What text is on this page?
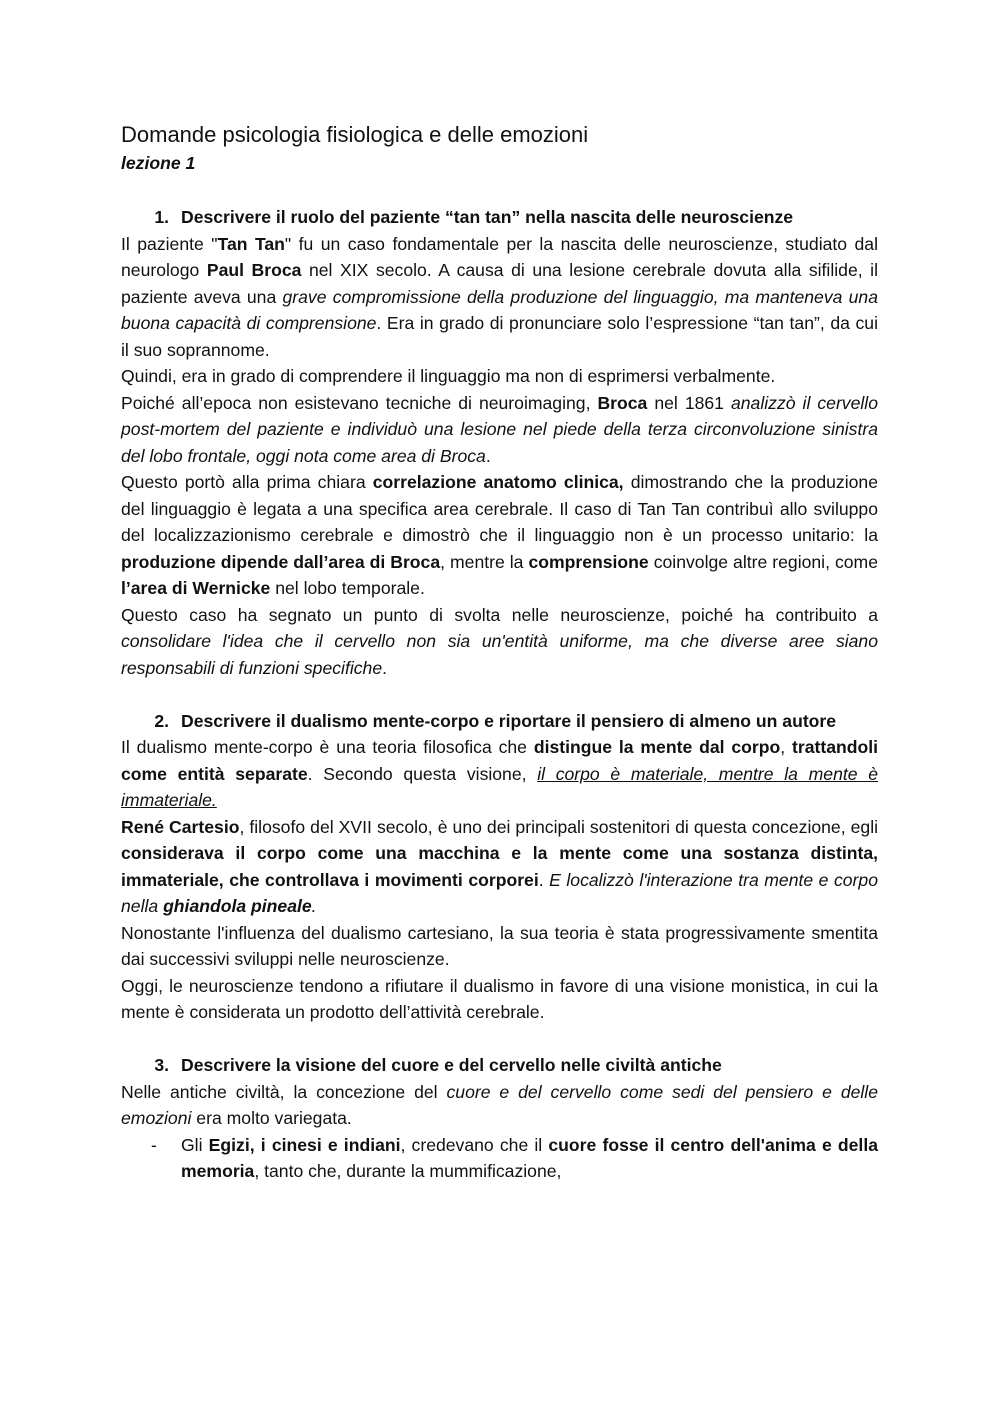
Domande psicologia fisiologica e delle emozioni

lezione 1

1. Descrivere il ruolo del paziente “tan tan” nella nascita delle neuroscienze

Il paziente "Tan Tan" fu un caso fondamentale per la nascita delle neuroscienze, studiato dal neurologo Paul Broca nel XIX secolo. A causa di una lesione cerebrale dovuta alla sifilide, il paziente aveva una grave compromissione della produzione del linguaggio, ma manteneva una buona capacità di comprensione. Era in grado di pronunciare solo l’espressione “tan tan”, da cui il suo soprannome.

Quindi, era in grado di comprendere il linguaggio ma non di esprimersi verbalmente.

Poiché all’epoca non esistevano tecniche di neuroimaging, Broca nel 1861 analizzò il cervello post-mortem del paziente e individuò una lesione nel piede della terza circonvoluzione sinistra del lobo frontale, oggi nota come area di Broca.

Questo portò alla prima chiara correlazione anatomo clinica, dimostrando che la produzione del linguaggio è legata a una specifica area cerebrale. Il caso di Tan Tan contribuì allo sviluppo del localizzazionismo cerebrale e dimostrò che il linguaggio non è un processo unitario: la produzione dipende dall’area di Broca, mentre la comprensione coinvolge altre regioni, come l’area di Wernicke nel lobo temporale.

Questo caso ha segnato un punto di svolta nelle neuroscienze, poiché ha contribuito a consolidare l'idea che il cervello non sia un'entità uniforme, ma che diverse aree siano responsabili di funzioni specifiche.

2. Descrivere il dualismo mente-corpo e riportare il pensiero di almeno un autore

Il dualismo mente-corpo è una teoria filosofica che distingue la mente dal corpo, trattandoli come entità separate. Secondo questa visione, il corpo è materiale, mentre la mente è immateriale.

René Cartesio, filosofo del XVII secolo, è uno dei principali sostenitori di questa concezione, egli considerava il corpo come una macchina e la mente come una sostanza distinta, immateriale, che controllava i movimenti corporei. E localizzò l'interazione tra mente e corpo nella ghiandola pineale.

Nonostante l'influenza del dualismo cartesiano, la sua teoria è stata progressivamente smentita dai successivi sviluppi nelle neuroscienze.

Oggi, le neuroscienze tendono a rifiutare il dualismo in favore di una visione monistica, in cui la mente è considerata un prodotto dell’attività cerebrale.

3. Descrivere la visione del cuore e del cervello nelle civiltà antiche

Nelle antiche civiltà, la concezione del cuore e del cervello come sedi del pensiero e delle emozioni era molto variegata.

-	Gli Egizi, i cinesi e indiani, credevano che il cuore fosse il centro dell'anima e della memoria, tanto che, durante la mummificazione,
